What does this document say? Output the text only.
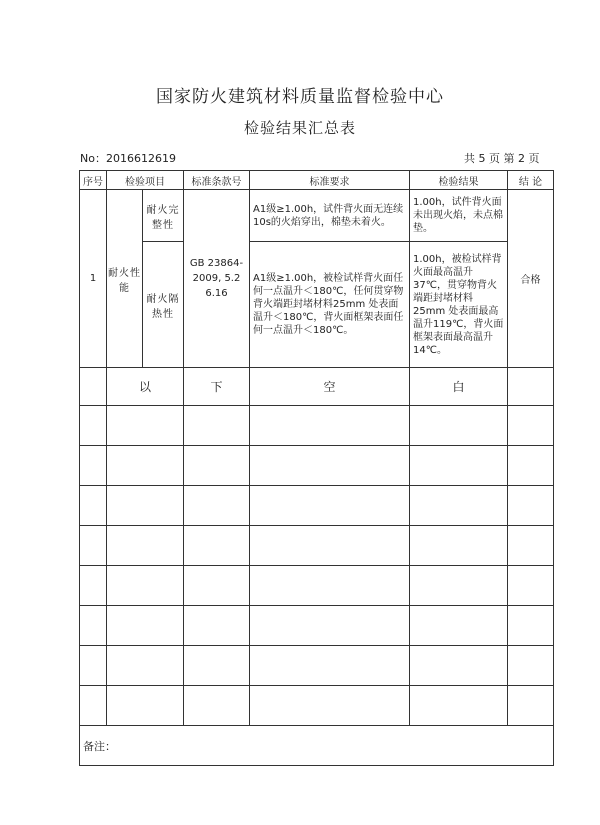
国家防火建筑材料质量监督检验中心
检验结果汇总表
No：2016612619	共 5 页 第 2 页
序号	检验项目		标准条款号	标准要求	检验结果	结 论
1	耐火性能	耐火完整性	GB 23864-2009, 5.2 6.16	A1级≥1.00h，试件背火面无连续10s的火焰穿出，棉垫未着火。	1.00h，试件背火面未出现火焰，未点棉垫。	合格
		耐火隔热性		A1级≥1.00h，被检试样背火面任何一点温升＜180℃，任何贯穿物背火端距封堵材料25mm 处表面温升＜180℃，背火面框架表面任何一点温升＜180℃。	1.00h，被检试样背火面最高温升37℃，贯穿物背火端距封堵材料25mm 处表面最高温升119℃，背火面框架表面最高温升14℃。	
	以		下	空	白	

备注：						
